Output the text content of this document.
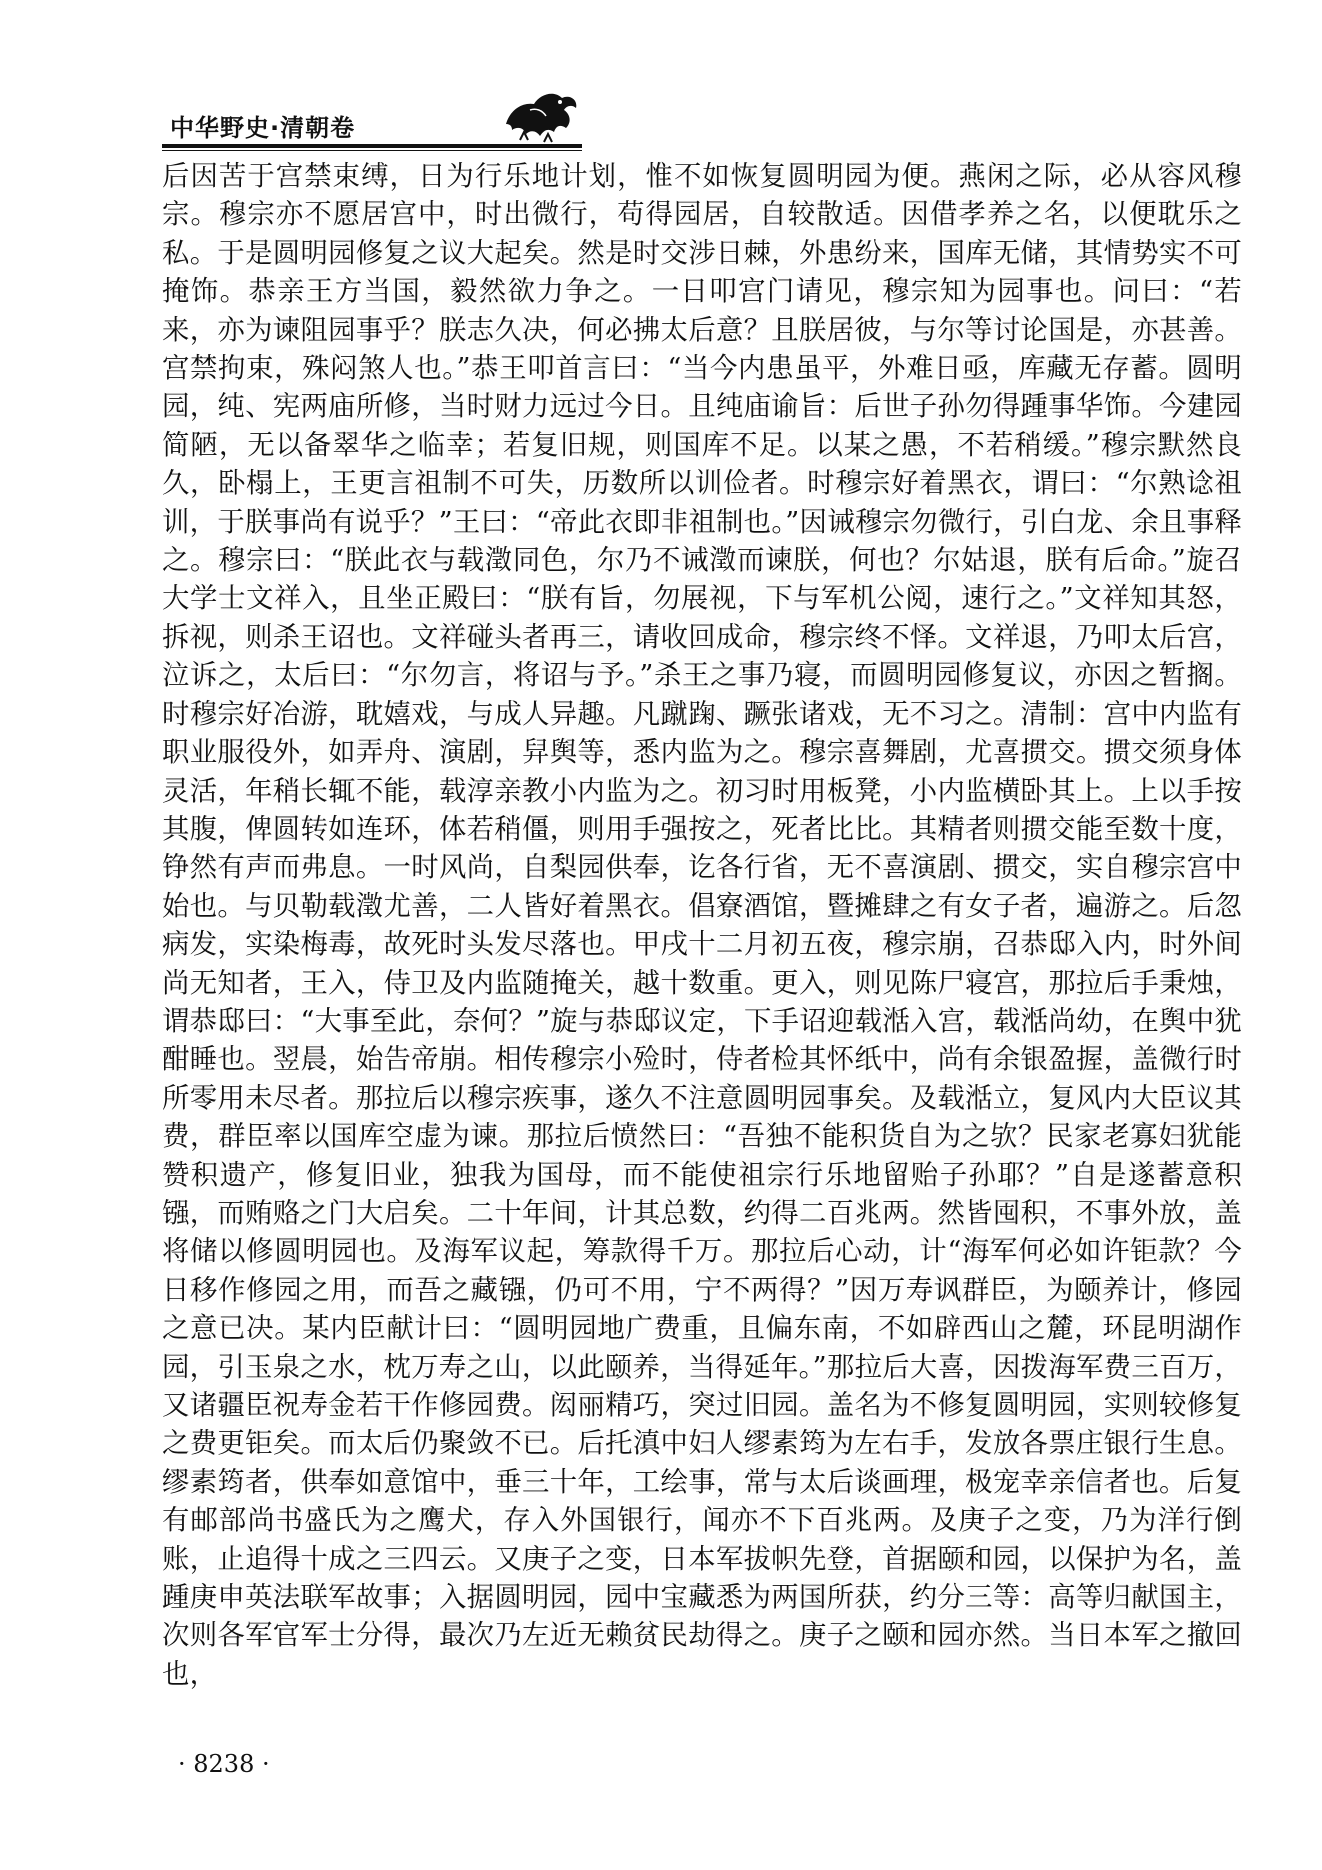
中华野史·清朝卷

后因苦于宫禁束缚，日为行乐地计划，惟不如恢复圆明园为便。燕闲之际，必从容风穆宗。穆宗亦不愿居宫中，时出微行，苟得园居，自较散适。因借孝养之名，以便耽乐之私。于是圆明园修复之议大起矣。然是时交涉日棘，外患纷来，国库无储，其情势实不可掩饰。恭亲王方当国，毅然欲力争之。一日叩宫门请见，穆宗知为园事也。问曰：“若来，亦为谏阻园事乎？朕志久决，何必拂太后意？且朕居彼，与尔等讨论国是，亦甚善。宫禁拘束，殊闷煞人也。”恭王叩首言曰：“当今内患虽平，外难日亟，库藏无存蓄。圆明园，纯、宪两庙所修，当时财力远过今日。且纯庙谕旨：后世子孙勿得踵事华饰。今建园简陋，无以备翠华之临幸；若复旧规，则国库不足。以某之愚，不若稍缓。”穆宗默然良久，卧榻上，王更言祖制不可失，历数所以训俭者。时穆宗好着黑衣，谓曰：“尔熟谂祖训，于朕事尚有说乎？”王曰：“帝此衣即非祖制也。”因诫穆宗勿微行，引白龙、余且事释之。穆宗曰：“朕此衣与载澂同色，尔乃不诫澂而谏朕，何也？尔姑退，朕有后命。”旋召大学士文祥入，且坐正殿曰：“朕有旨，勿展视，下与军机公阅，速行之。”文祥知其怒，拆视，则杀王诏也。文祥碰头者再三，请收回成命，穆宗终不怿。文祥退，乃叩太后宫，泣诉之，太后曰：“尔勿言，将诏与予。”杀王之事乃寝，而圆明园修复议，亦因之暂搁。时穆宗好冶游，耽嬉戏，与成人异趣。凡蹴踘、蹶张诸戏，无不习之。清制：宫中内监有职业服役外，如弄舟、演剧，舁舆等，悉内监为之。穆宗喜舞剧，尤喜掼交。掼交须身体灵活，年稍长辄不能，载淳亲教小内监为之。初习时用板凳，小内监横卧其上。上以手按其腹，俾圆转如连环，体若稍僵，则用手强按之，死者比比。其精者则掼交能至数十度，铮然有声而弗息。一时风尚，自梨园供奉，讫各行省，无不喜演剧、掼交，实自穆宗宫中始也。与贝勒载澂尤善，二人皆好着黑衣。倡寮酒馆，暨摊肆之有女子者，遍游之。后忽病发，实染梅毒，故死时头发尽落也。甲戌十二月初五夜，穆宗崩，召恭邸入内，时外间尚无知者，王入，侍卫及内监随掩关，越十数重。更入，则见陈尸寝宫，那拉后手秉烛，谓恭邸曰：“大事至此，奈何？”旋与恭邸议定，下手诏迎载湉入宫，载湉尚幼，在舆中犹酣睡也。翌晨，始告帝崩。相传穆宗小殓时，侍者检其怀纸中，尚有余银盈握，盖微行时所零用未尽者。那拉后以穆宗疾事，遂久不注意圆明园事矣。及载湉立，复风内大臣议其费，群臣率以国库空虚为谏。那拉后愤然曰：“吾独不能积货自为之欤？民家老寡妇犹能赞积遗产，修复旧业，独我为国母，而不能使祖宗行乐地留贻子孙耶？”自是遂蓄意积镪，而贿赂之门大启矣。二十年间，计其总数，约得二百兆两。然皆囤积，不事外放，盖将储以修圆明园也。及海军议起，筹款得千万。那拉后心动，计“海军何必如许钜款？今日移作修园之用，而吾之藏镪，仍可不用，宁不两得？”因万寿讽群臣，为颐养计，修园之意已决。某内臣献计曰：“圆明园地广费重，且偏东南，不如辟西山之麓，环昆明湖作园，引玉泉之水，枕万寿之山，以此颐养，当得延年。”那拉后大喜，因拨海军费三百万，又诸疆臣祝寿金若干作修园费。闳丽精巧，突过旧园。盖名为不修复圆明园，实则较修复之费更钜矣。而太后仍聚敛不已。后托滇中妇人缪素筠为左右手，发放各票庄银行生息。缪素筠者，供奉如意馆中，垂三十年，工绘事，常与太后谈画理，极宠幸亲信者也。后复有邮部尚书盛氏为之鹰犬，存入外国银行，闻亦不下百兆两。及庚子之变，乃为洋行倒账，止追得十成之三四云。又庚子之变，日本军拔帜先登，首据颐和园，以保护为名，盖踵庚申英法联军故事；入据圆明园，园中宝藏悉为两国所获，约分三等：高等归献国主，次则各军官军士分得，最次乃左近无赖贫民劫得之。庚子之颐和园亦然。当日本军之撤回也，

· 8238 ·
